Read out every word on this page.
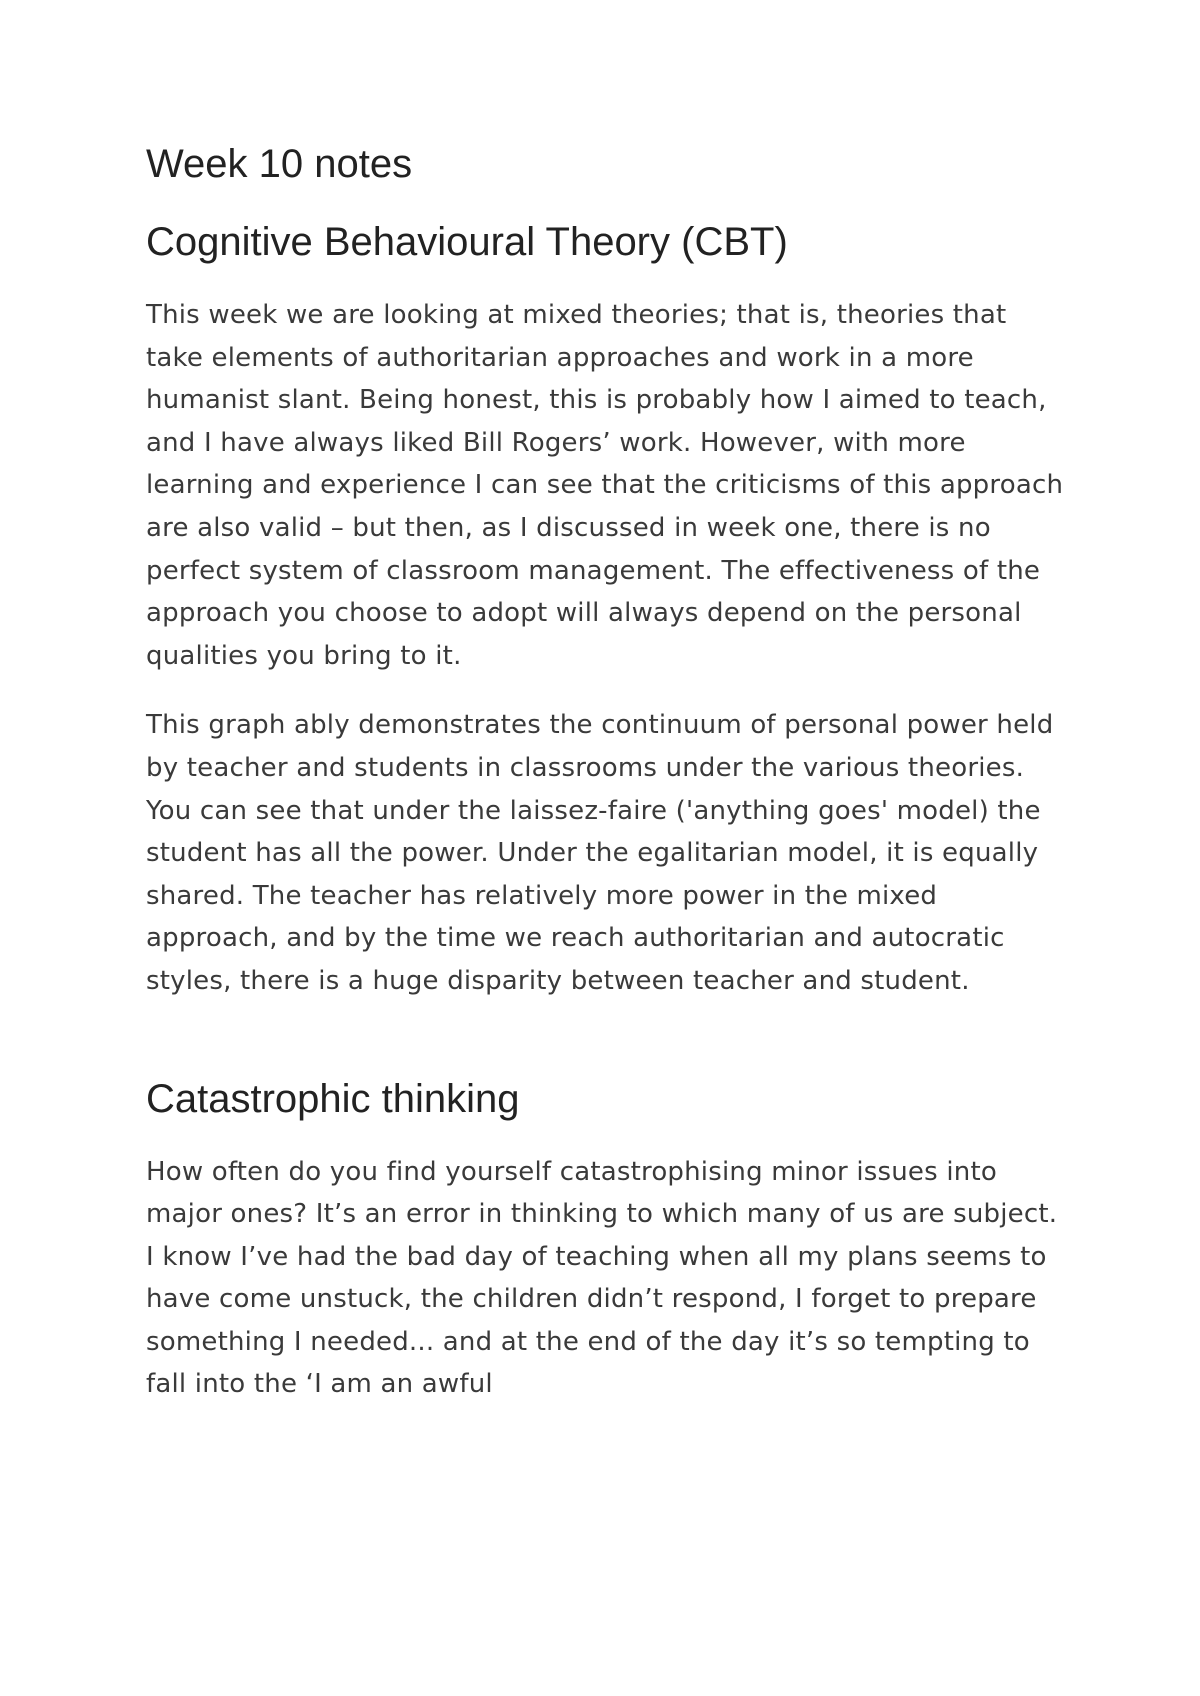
Week 10 notes
Cognitive Behavioural Theory (CBT)

This week we are looking at mixed theories; that is, theories that take elements of authoritarian approaches and work in a more humanist slant. Being honest, this is probably how I aimed to teach, and I have always liked Bill Rogers’ work. However, with more learning and experience I can see that the criticisms of this approach are also valid – but then, as I discussed in week one, there is no perfect system of classroom management. The effectiveness of the approach you choose to adopt will always depend on the personal qualities you bring to it.

This graph ably demonstrates the continuum of personal power held by teacher and students in classrooms under the various theories. You can see that under the laissez-faire ('anything goes' model) the student has all the power. Under the egalitarian model, it is equally shared. The teacher has relatively more power in the mixed approach, and by the time we reach authoritarian and autocratic styles, there is a huge disparity between teacher and student.

Catastrophic thinking

How often do you find yourself catastrophising minor issues into major ones? It’s an error in thinking to which many of us are subject. I know I’ve had the bad day of teaching when all my plans seems to have come unstuck, the children didn’t respond, I forget to prepare something I needed... and at the end of the day it’s so tempting to fall into the ‘I am an awful
